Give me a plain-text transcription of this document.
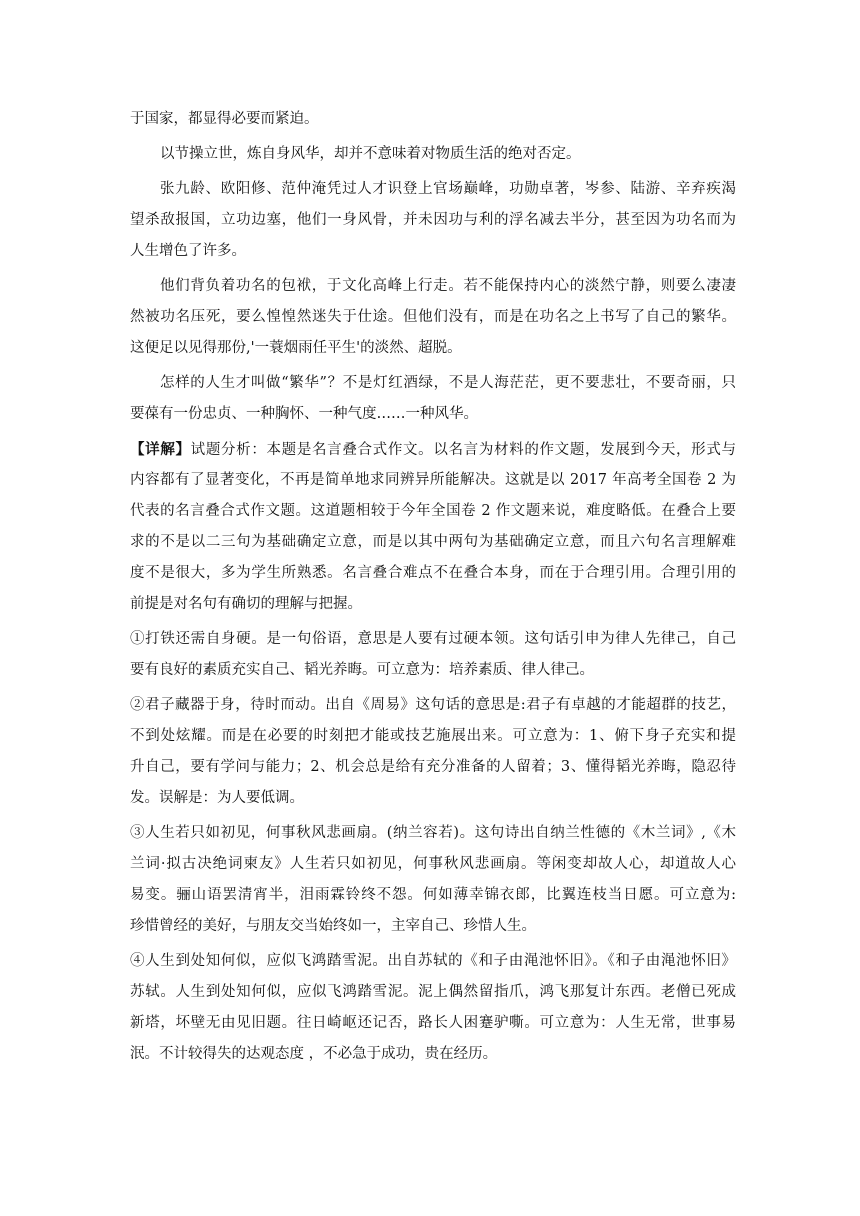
于国家，都显得必要而紧迫。
以节操立世，炼自身风华，却并不意味着对物质生活的绝对否定。
张九龄、欧阳修、范仲淹凭过人才识登上官场巅峰，功勋卓著，岑参、陆游、辛弃疾渴
望杀敌报国，立功边塞，他们一身风骨，并未因功与利的浮名减去半分，甚至因为功名而为
人生增色了许多。
他们背负着功名的包袱，于文化高峰上行走。若不能保持内心的淡然宁静，则要么凄凄
然被功名压死，要么惶惶然迷失于仕途。但他们没有，而是在功名之上书写了自己的繁华。
这便足以见得那份,'一蓑烟雨任平生'的淡然、超脱。
怎样的人生才叫做“繁华”？不是灯红酒绿，不是人海茫茫，更不要悲壮，不要奇丽，只
要葆有一份忠贞、一种胸怀、一种气度……一种风华。
【详解】试题分析：本题是名言叠合式作文。以名言为材料的作文题，发展到今天，形式与
内容都有了显著变化，不再是简单地求同辨异所能解决。这就是以 2017 年高考全国卷 2 为
代表的名言叠合式作文题。这道题相较于今年全国卷 2 作文题来说，难度略低。在叠合上要
求的不是以二三句为基础确定立意，而是以其中两句为基础确定立意，而且六句名言理解难
度不是很大，多为学生所熟悉。名言叠合难点不在叠合本身，而在于合理引用。合理引用的
前提是对名句有确切的理解与把握。
①打铁还需自身硬。是一句俗语，意思是人要有过硬本领。这句话引申为律人先律己，自己
要有良好的素质充实自己、韬光养晦。可立意为：培养素质、律人律己。
②君子藏器于身，待时而动。出自《周易》这句话的意思是:君子有卓越的才能超群的技艺，
不到处炫耀。而是在必要的时刻把才能或技艺施展出来。可立意为：1、俯下身子充实和提
升自己，要有学问与能力；2、机会总是给有充分准备的人留着；3、懂得韬光养晦，隐忍待
发。误解是：为人要低调。
③人生若只如初见，何事秋风悲画扇。(纳兰容若)。这句诗出自纳兰性德的《木兰词》,《木
兰词·拟古决绝词柬友》人生若只如初见，何事秋风悲画扇。等闲变却故人心，却道故人心
易变。骊山语罢清宵半，泪雨霖铃终不怨。何如薄幸锦衣郎，比翼连枝当日愿。可立意为:
珍惜曾经的美好，与朋友交当始终如一，主宰自己、珍惜人生。
④人生到处知何似，应似飞鸿踏雪泥。出自苏轼的《和子由渑池怀旧》。《和子由渑池怀旧》
苏轼。人生到处知何似，应似飞鸿踏雪泥。泥上偶然留指爪，鸿飞那复计东西。老僧已死成
新塔，坏壁无由见旧题。往日崎岖还记否，路长人困蹇驴嘶。可立意为：人生无常，世事易
泯。不计较得失的达观态度 ，不必急于成功，贵在经历。
